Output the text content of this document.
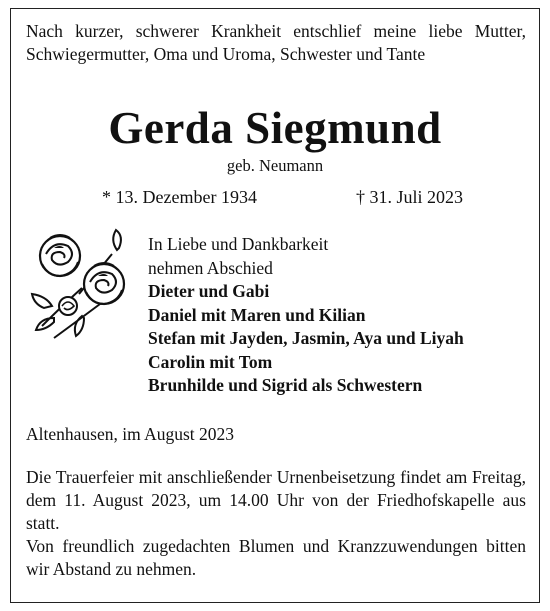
Nach kurzer, schwerer Krankheit entschlief meine liebe Mutter, Schwiegermutter, Oma und Uroma, Schwester und Tante
Gerda Siegmund
geb. Neumann
* 13. Dezember 1934	† 31. Juli 2023
In Liebe und Dankbarkeit
nehmen Abschied
Dieter und Gabi
Daniel mit Maren und Kilian
Stefan mit Jayden, Jasmin, Aya und Liyah
Carolin mit Tom
Brunhilde und Sigrid als Schwestern
Altenhausen, im August 2023

Die Trauerfeier mit anschließender Urnenbeisetzung findet am Freitag, dem 11. August 2023, um 14.00 Uhr von der Friedhofskapelle aus statt.

Von freundlich zugedachten Blumen und Kranzzuwendungen bitten wir Abstand zu nehmen.
